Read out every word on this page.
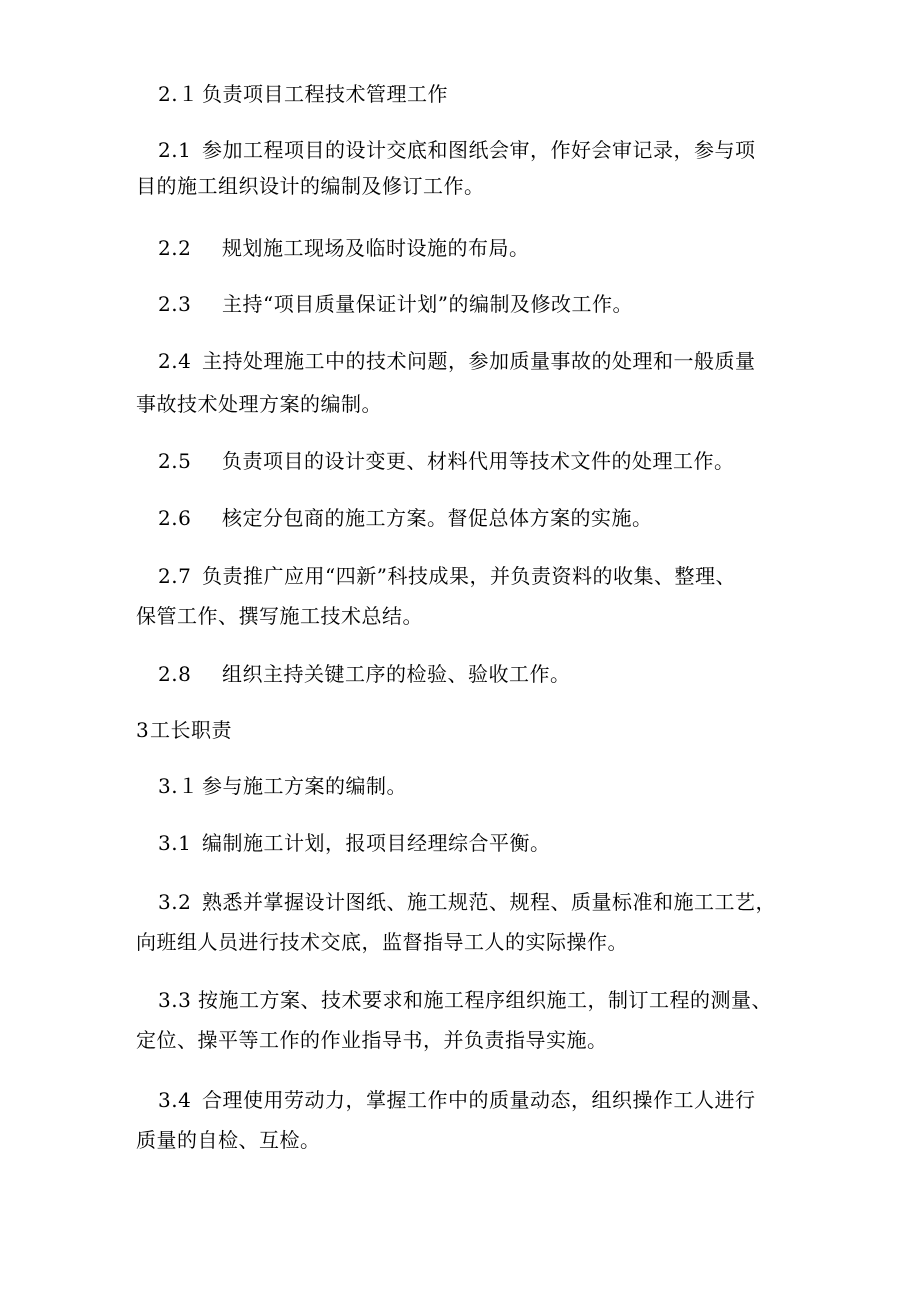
2.１ 负责项目工程技术管理工作
2.1 参加工程项目的设计交底和图纸会审，作好会审记录，参与项
目的施工组织设计的编制及修订工作。
2.2 规划施工现场及临时设施的布局。
2.3 主持“项目质量保证计划”的编制及修改工作。
2.4 主持处理施工中的技术问题，参加质量事故的处理和一般质量
事故技术处理方案的编制。
2.5 负责项目的设计变更、材料代用等技术文件的处理工作。
2.6 核定分包商的施工方案。督促总体方案的实施。
2.7 负责推广应用“四新”科技成果，并负责资料的收集、整理、
保管工作、撰写施工技术总结。
2.8 组织主持关键工序的检验、验收工作。
3工长职责
3.１ 参与施工方案的编制。
3.1 编制施工计划，报项目经理综合平衡。
3.2 熟悉并掌握设计图纸、施工规范、规程、质量标准和施工工艺，
向班组人员进行技术交底，监督指导工人的实际操作。
3.3 按施工方案、技术要求和施工程序组织施工，制订工程的测量、
定位、操平等工作的作业指导书，并负责指导实施。
3.4 合理使用劳动力，掌握工作中的质量动态，组织操作工人进行
质量的自检、互检。
